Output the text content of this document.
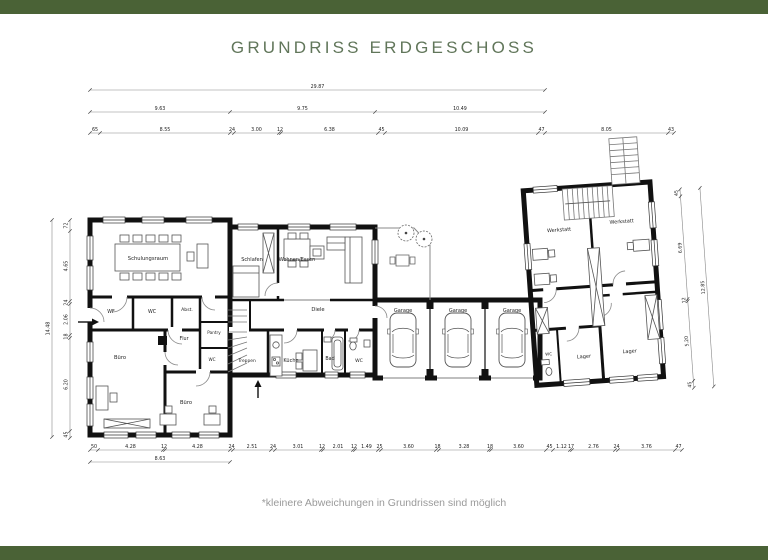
GRUNDRISS ERDGESCHOSS
*kleinere Abweichungen in Grundrissen sind möglich
Werkstatt
Werkstatt
Lager
Lager
WC
12.85
45
6.69
12
5.20
45
Schulungsraum
WF	WC	Abst.
Flur
Pantry
WC
Büro
Büro
Schlafen	Wohnen/Essen
Diele
Treppen	Küche	Bad	WC
Garage	Garage	Garage
29.87
9.63	9.75	10.49
65	8.55	24	3.00	12	6.38	45	10.09	47	8.05	43
50	4.28	12	4.28	24	2.51	24	3.01	12 2.01 12 1.49 25	3.60	18	3.28	18	3.60	45 1.12 17	2.76	24	3.76	47
8.63
14.48
72
4.65
24
2.06
18
6.20
45
